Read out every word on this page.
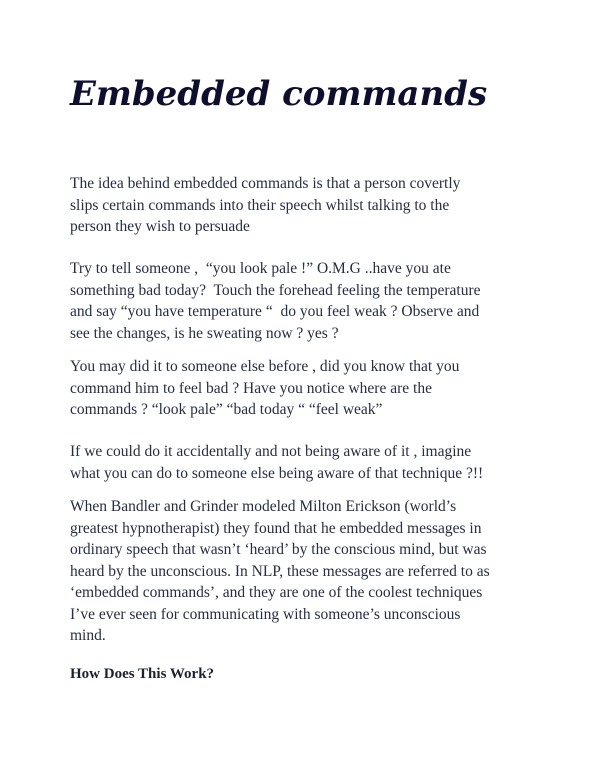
Embedded commands

The idea behind embedded commands is that a person covertly
slips certain commands into their speech whilst talking to the
person they wish to persuade

Try to tell someone ,  “you look pale !” O.M.G ..have you ate
something bad today?  Touch the forehead feeling the temperature
and say “you have temperature “  do you feel weak ? Observe and
see the changes, is he sweating now ? yes ?

You may did it to someone else before , did you know that you
command him to feel bad ? Have you notice where are the
commands ? “look pale” “bad today “ “feel weak”

If we could do it accidentally and not being aware of it , imagine
what you can do to someone else being aware of that technique ?!!

When Bandler and Grinder modeled Milton Erickson (world’s
greatest hypnotherapist) they found that he embedded messages in
ordinary speech that wasn’t ‘heard’ by the conscious mind, but was
heard by the unconscious. In NLP, these messages are referred to as
‘embedded commands’, and they are one of the coolest techniques
I’ve ever seen for communicating with someone’s unconscious
mind.

How Does This Work?
